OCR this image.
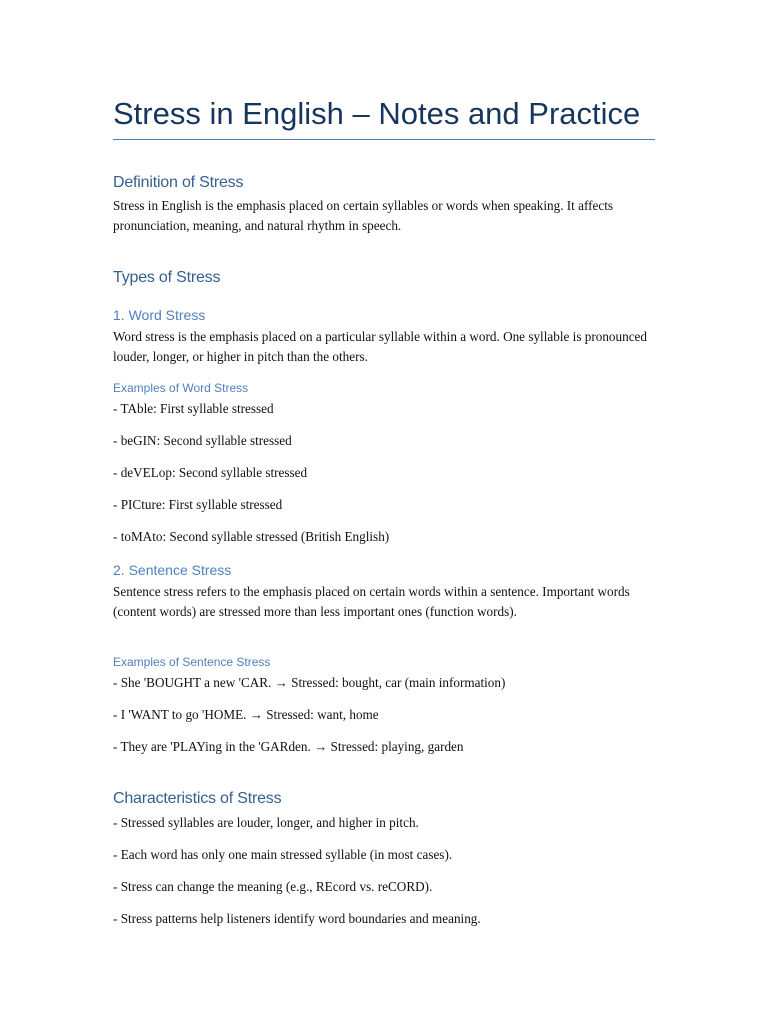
Stress in English – Notes and Practice
Definition of Stress

Stress in English is the emphasis placed on certain syllables or words when speaking. It affects pronunciation, meaning, and natural rhythm in speech.

Types of Stress
1. Word Stress

Word stress is the emphasis placed on a particular syllable within a word. One syllable is pronounced louder, longer, or higher in pitch than the others.

Examples of Word Stress

- TAble: First syllable stressed

- beGIN: Second syllable stressed

- deVELop: Second syllable stressed

- PICture: First syllable stressed

- toMAto: Second syllable stressed (British English)

2. Sentence Stress

Sentence stress refers to the emphasis placed on certain words within a sentence. Important words (content words) are stressed more than less important ones (function words).

Examples of Sentence Stress

- She 'BOUGHT a new 'CAR. → Stressed: bought, car (main information)

- I 'WANT to go 'HOME. → Stressed: want, home

- They are 'PLAYing in the 'GARden. → Stressed: playing, garden

Characteristics of Stress

- Stressed syllables are louder, longer, and higher in pitch.

- Each word has only one main stressed syllable (in most cases).

- Stress can change the meaning (e.g., REcord vs. reCORD).

- Stress patterns help listeners identify word boundaries and meaning.
